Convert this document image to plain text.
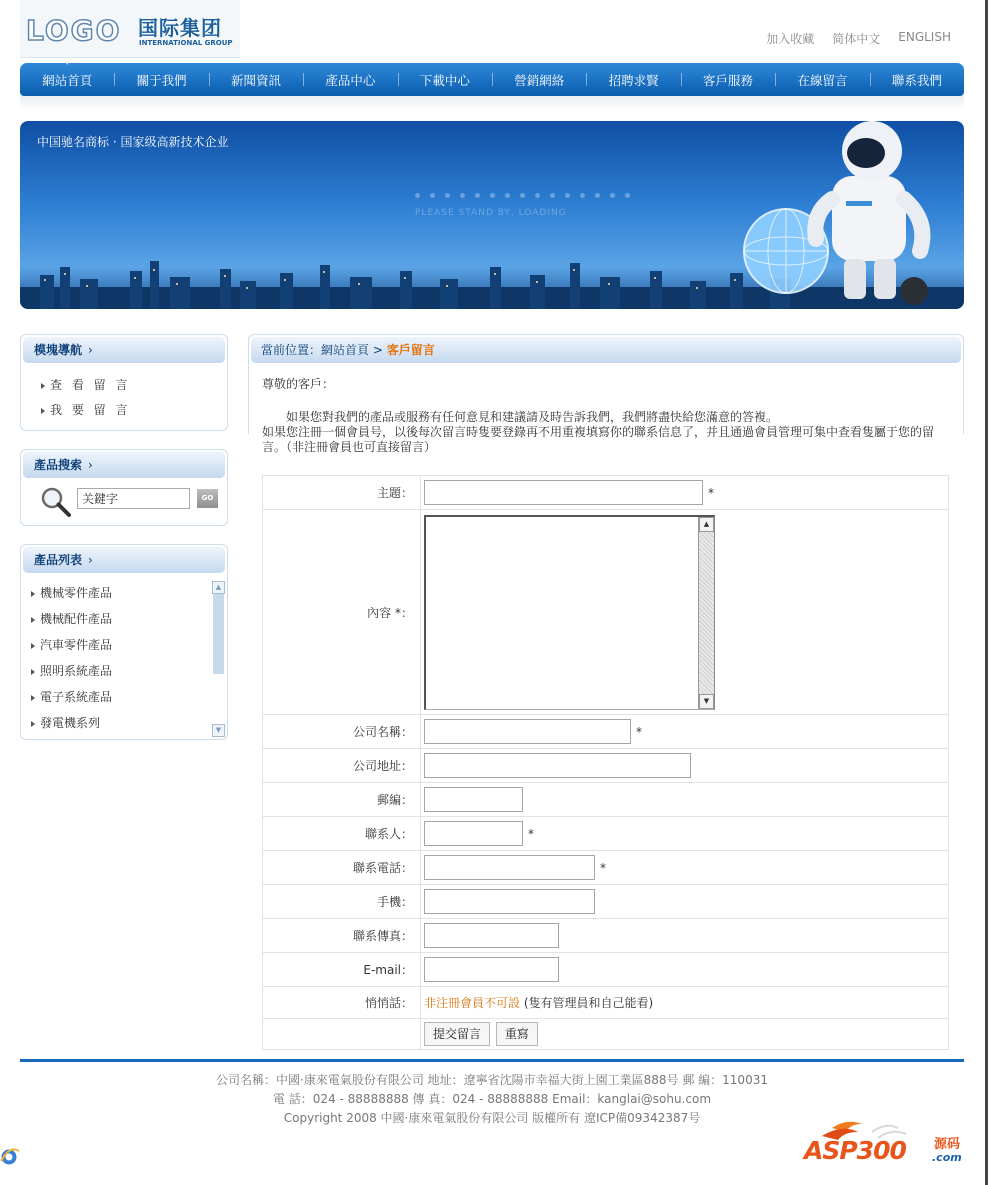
LOGO 国际集团
INTERNATIONAL GROUP	加入收藏 简体中文 ENGLISH
▼
網站首頁	關于我們	新聞資訊	產品中心	下載中心	營銷網絡	招聘求賢	客戶服務	在線留言	聯系我們
中国驰名商标 · 国家级高新技术企业
PLEASE STAND BY, LOADING
模塊導航 ›
查 看 留 言
我 要 留 言
產品搜索 ›
关鍵字
GO
產品列表 ›
機械零件產品
機械配件產品
汽車零件產品
照明系統產品
電子系統產品
發電機系列
▲
▼
當前位置：網站首頁 > 客戶留言
尊敬的客戶：
如果您對我們的產品或服務有任何意見和建議請及時告訴我們，我們將盡快給您滿意的答複。
如果您注冊一個會員号，以後每次留言時隻要登錄再不用重複填寫你的聯系信息了，并且通過會員管理可集中查看隻屬于您的留言。（非注冊會員也可直接留言）
主題：	*
內容 *：	▲
▼

公司名稱：	*
公司地址：	
郵編：	
聯系人：	*
聯系電話：	*
手機：	
聯系傳真：	
E-mail：	
悄悄話：	非注冊會員不可設 (隻有管理員和自己能看)
	提交留言 重寫
公司名稱：中國·康來電氣股份有限公司 地址：遼寧省沈陽市幸福大街上園工業區888号 郵 編：110031
電 話：024 - 88888888 傳 真：024 - 88888888 Email：kanglai@sohu.com
Copyright 2008 中國·康來電氣股份有限公司 版權所有 遼ICP備09342387号
ASP300 源码
.com
